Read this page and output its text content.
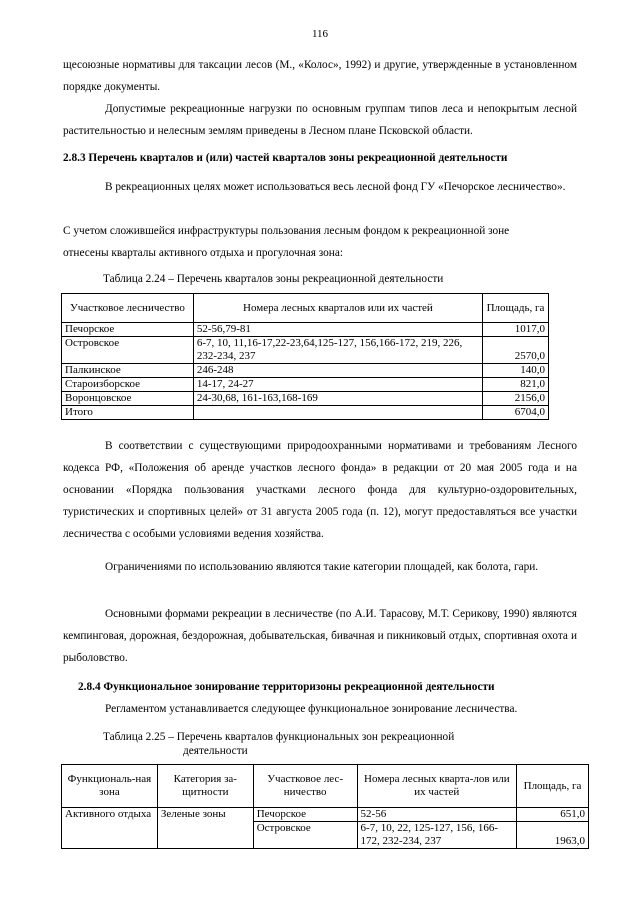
116

щесоюзные нормативы для таксации лесов (М., «Колос», 1992) и другие, утвержденные в установленном порядке документы.

Допустимые рекреационные нагрузки по основным группам типов леса и непокрытым лесной растительностью и нелесным землям приведены в Лесном плане Псковской области.

2.8.3 Перечень кварталов и (или) частей кварталов зоны рекреационной деятельности

В рекреационных целях может использоваться весь лесной фонд ГУ «Печорское лесничество».

С учетом сложившейся инфраструктуры пользования лесным фондом к рекреационной зоне отнесены кварталы активного отдыха и прогулочная зона:

Таблица 2.24 – Перечень кварталов зоны рекреационной деятельности

Участковое лесничество	Номера лесных кварталов или их частей	Площадь, га
Печорское	52-56,79-81	1017,0
Островское	6-7, 10, 11,16-17,22-23,64,125-127, 156,166-172, 219, 226, 232-234, 237	2570,0
Палкинское	246-248	140,0
Староизборское	14-17, 24-27	821,0
Воронцовское	24-30,68, 161-163,168-169	2156,0
Итого		6704,0

В соответствии с существующими природоохранными нормативами и требованиям Лесного кодекса РФ, «Положения об аренде участков лесного фонда» в редакции от 20 мая 2005 года и на основании «Порядка пользования участками лесного фонда для культурно-оздоровительных, туристических и спортивных целей» от 31 августа 2005 года (п. 12), могут предоставляться все участки лесничества с особыми условиями ведения хозяйства.

Ограничениями по использованию являются такие категории площадей, как болота, гари.

Основными формами рекреации в лесничестве (по А.И. Тарасову, М.Т. Серикову, 1990) являются кемпинговая, дорожная, бездорожная, добывательская, бивачная и пикниковый отдых, спортивная охота и рыболовство.

2.8.4 Функциональное зонирование территоризоны рекреационной деятельности

Регламентом устанавливается следующее функциональное зонирование лесничества.

Таблица 2.25 – Перечень кварталов функциональных зон рекреационной

деятельности

Функциональ-ная зона	Категория за-щитности	Участковое лес-ничество	Номера лесных кварта-лов или их частей	Площадь, га
Активного отдыха	Зеленые зоны	Печорское	52-56	651,0
		Островское	6-7, 10, 22, 125-127, 156, 166-172, 232-234, 237	1963,0
